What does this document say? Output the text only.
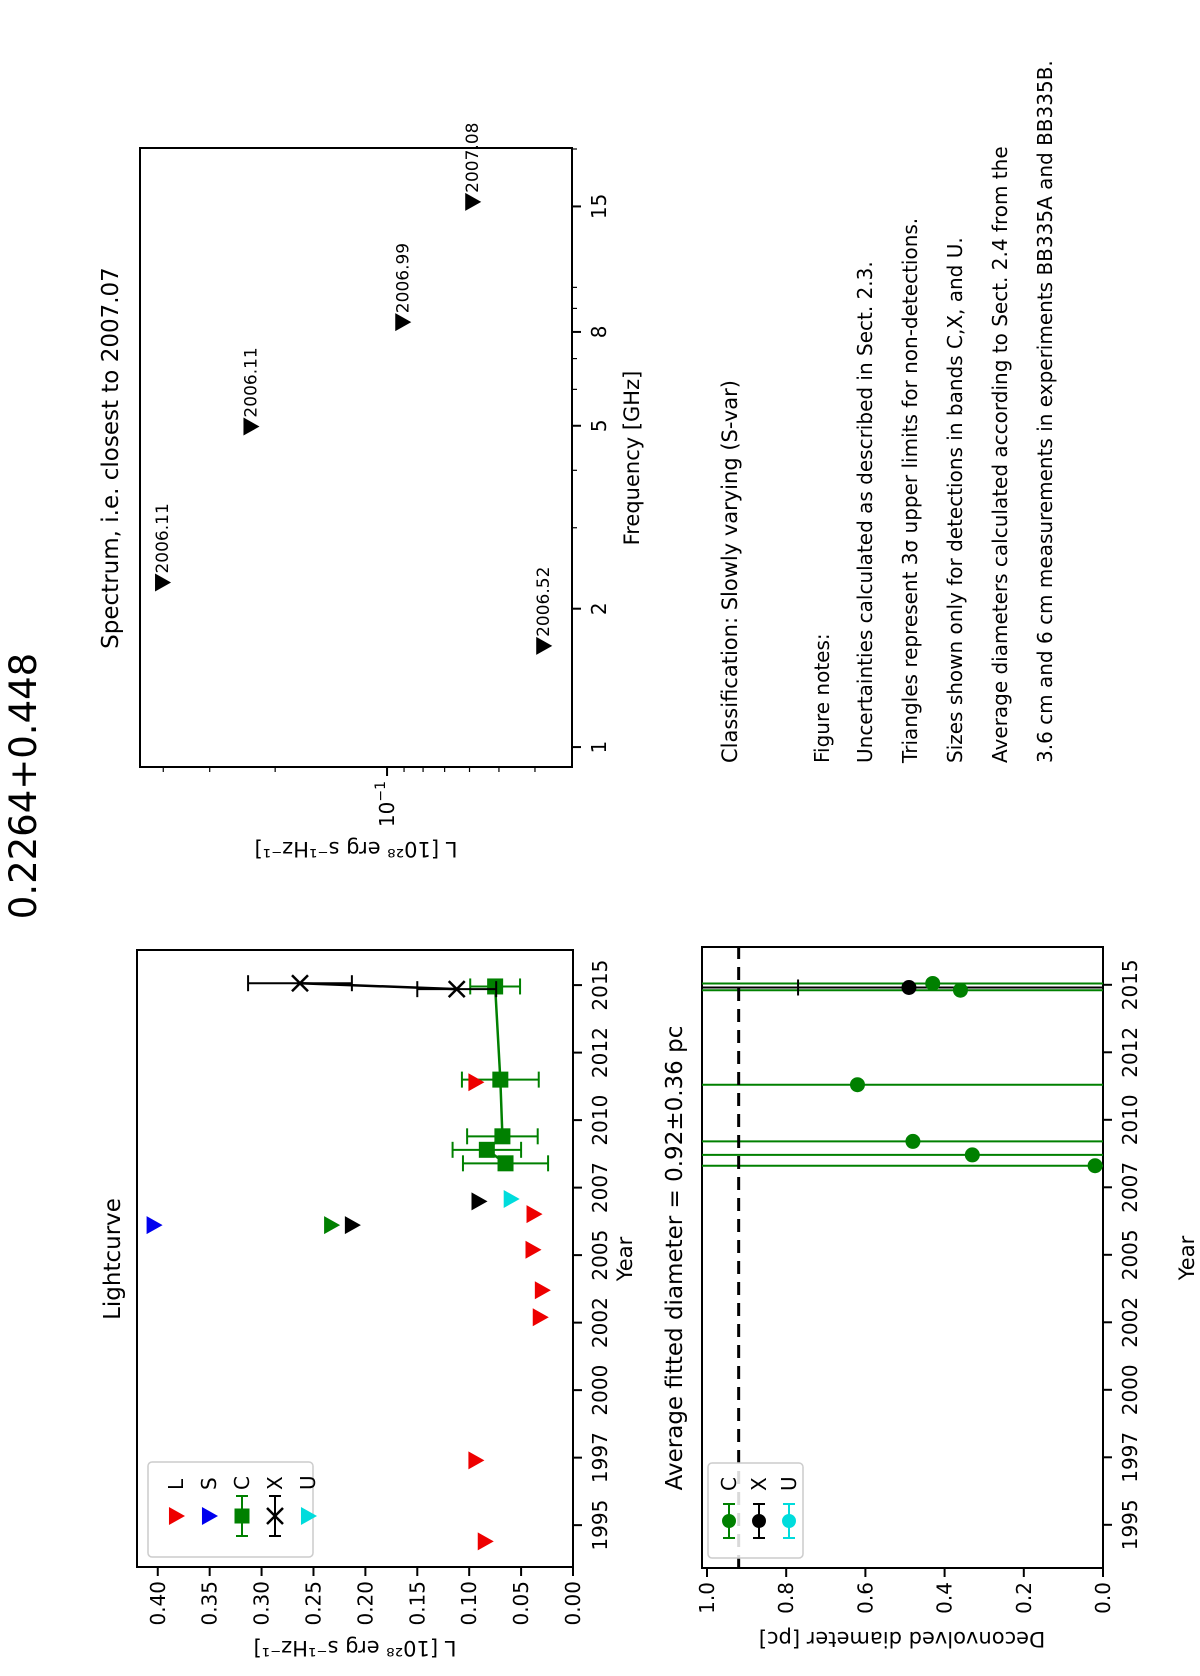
1995
1997
2000
2002
2005
2007
2010
2012
2015
0.00
0.05
0.10
0.15
0.20
0.25
0.30
0.35
0.40
L S C X U
1
2
5
8
15
$10^{-1}$
2006.52
2006.11
2006.11
2006.99
2007.08
1995
1997
2000
2002
2005
2007
2010
2012
2015
0.0
0.2
0.4
0.6
0.8
1.0
C X U
0.2264+0.448
Lightcurve
Spectrum, i.e. closest to 2007.07
Average fitted diameter = 0.92±0.36 pc
Year
Frequency [GHz]
Year
L [10²⁸ erg s⁻¹Hz⁻¹]
L [10²⁸ erg s⁻¹Hz⁻¹]
Deconvolved diameter [pc]
Classification: Slowly varying (S-var)	Figure notes: Uncertainties calculated as described in Sect. 2.3. Triangles represent 3σ upper limits for non-detections. Sizes shown only for detections in bands C,X, and U. Average diameters calculated according to Sect. 2.4 from the 3.6 cm and 6 cm measurements in experiments BB335A and BB335B.
